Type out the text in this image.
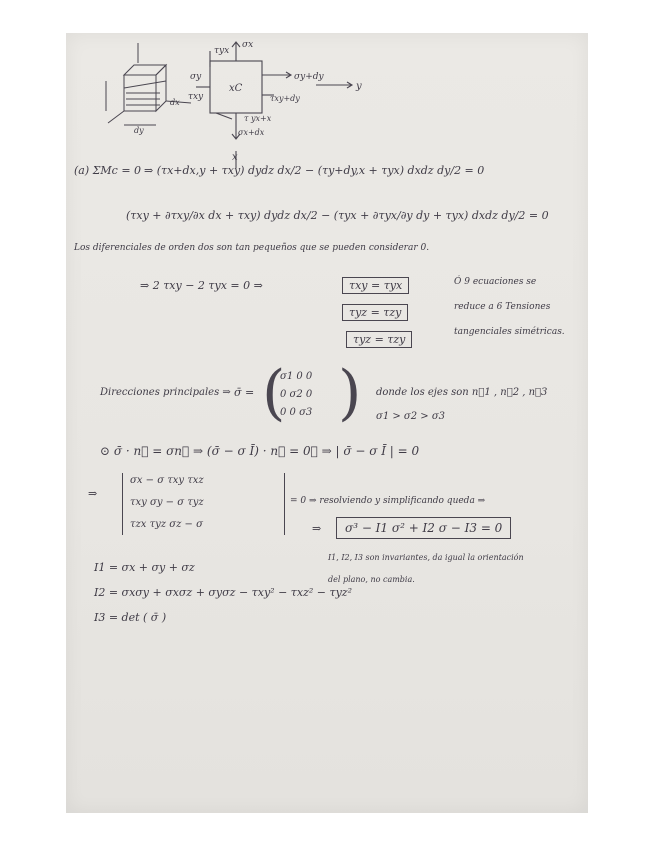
τyx
σx
σy
τxy
xC
σy+dy
τxy+dy
τ yx+x
σx+dx
y
x
dx
dy
(a) ΣMc = 0 ⇒ (τx+dx,y + τxy) dydz dx/2 − (τy+dy,x + τyx) dxdz dy/2 = 0
(τxy + ∂τxy/∂x dx + τxy) dydz dx/2 − (τyx + ∂τyx/∂y dy + τyx) dxdz dy/2 = 0
Los diferenciales de orden dos son tan pequeños que se pueden considerar 0.
⇒ 2 τxy − 2 τyx = 0 ⇒	τxy = τyx
τyz = τzy
τyz = τzy
Ó 9 ecuaciones se
reduce a 6 Tensiones
tangenciales simétricas.
Direcciones principales ⇒ σ̄ = (
σ1 0 0
0 σ2 0
0 0 σ3 ) donde los ejes son n⃗1 , n⃗2 , n⃗3
σ1 > σ2 > σ3
⊙ σ̄ · n⃗ = σn⃗ ⇒ (σ̄ − σ Ī) · n⃗ = 0⃗ ⇒ | σ̄ − σ Ī | = 0
⇒
σx − σ τxy τxz
τxy σy − σ τyz
τzx τyz σz − σ
= 0 ⇒ resolviendo y simplificando queda ⇒
⇒	σ³ − I1 σ² + I2 σ − I3 = 0
I1, I2, I3 son invariantes, da igual la orientación
del plano, no cambia.
I1 = σx + σy + σz
I2 = σxσy + σxσz + σyσz − τxy² − τxz² − τyz²
I3 = det ( σ̄ )
